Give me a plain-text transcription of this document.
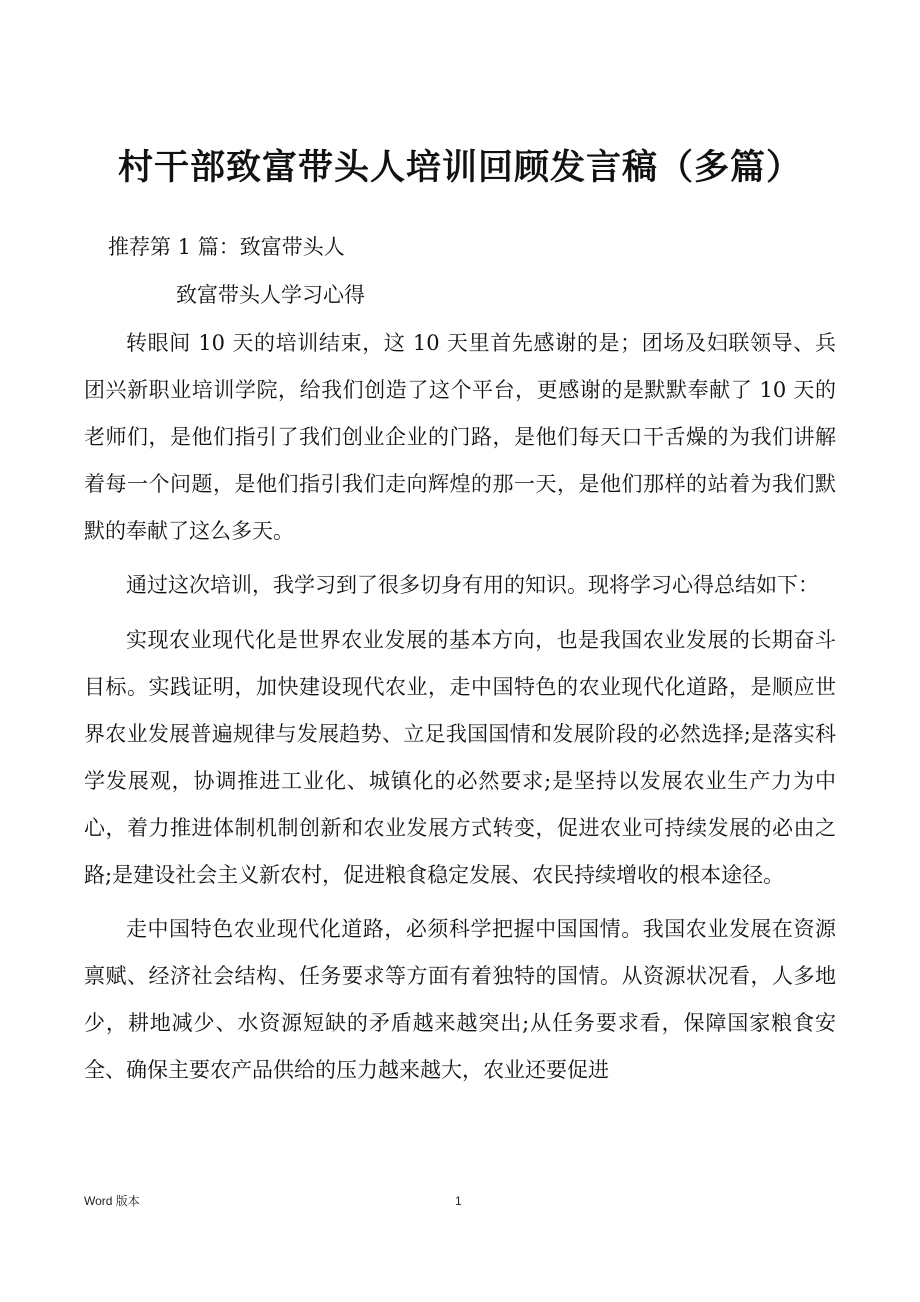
村干部致富带头人培训回顾发言稿（多篇）
推荐第 1 篇：致富带头人
致富带头人学习心得

转眼间 10 天的培训结束，这 10 天里首先感谢的是；团场及妇联领导、兵团兴新职业培训学院，给我们创造了这个平台，更感谢的是默默奉献了 10 天的老师们，是他们指引了我们创业企业的门路，是他们每天口干舌燥的为我们讲解着每一个问题，是他们指引我们走向辉煌的那一天，是他们那样的站着为我们默默的奉献了这么多天。

通过这次培训，我学习到了很多切身有用的知识。现将学习心得总结如下：

实现农业现代化是世界农业发展的基本方向，也是我国农业发展的长期奋斗目标。实践证明，加快建设现代农业，走中国特色的农业现代化道路，是顺应世界农业发展普遍规律与发展趋势、立足我国国情和发展阶段的必然选择;是落实科学发展观，协调推进工业化、城镇化的必然要求;是坚持以发展农业生产力为中心，着力推进体制机制创新和农业发展方式转变，促进农业可持续发展的必由之路;是建设社会主义新农村，促进粮食稳定发展、农民持续增收的根本途径。

走中国特色农业现代化道路，必须科学把握中国国情。我国农业发展在资源禀赋、经济社会结构、任务要求等方面有着独特的国情。从资源状况看，人多地少，耕地减少、水资源短缺的矛盾越来越突出;从任务要求看，保障国家粮食安全、确保主要农产品供给的压力越来越大，农业还要促进

Word 版本	1
